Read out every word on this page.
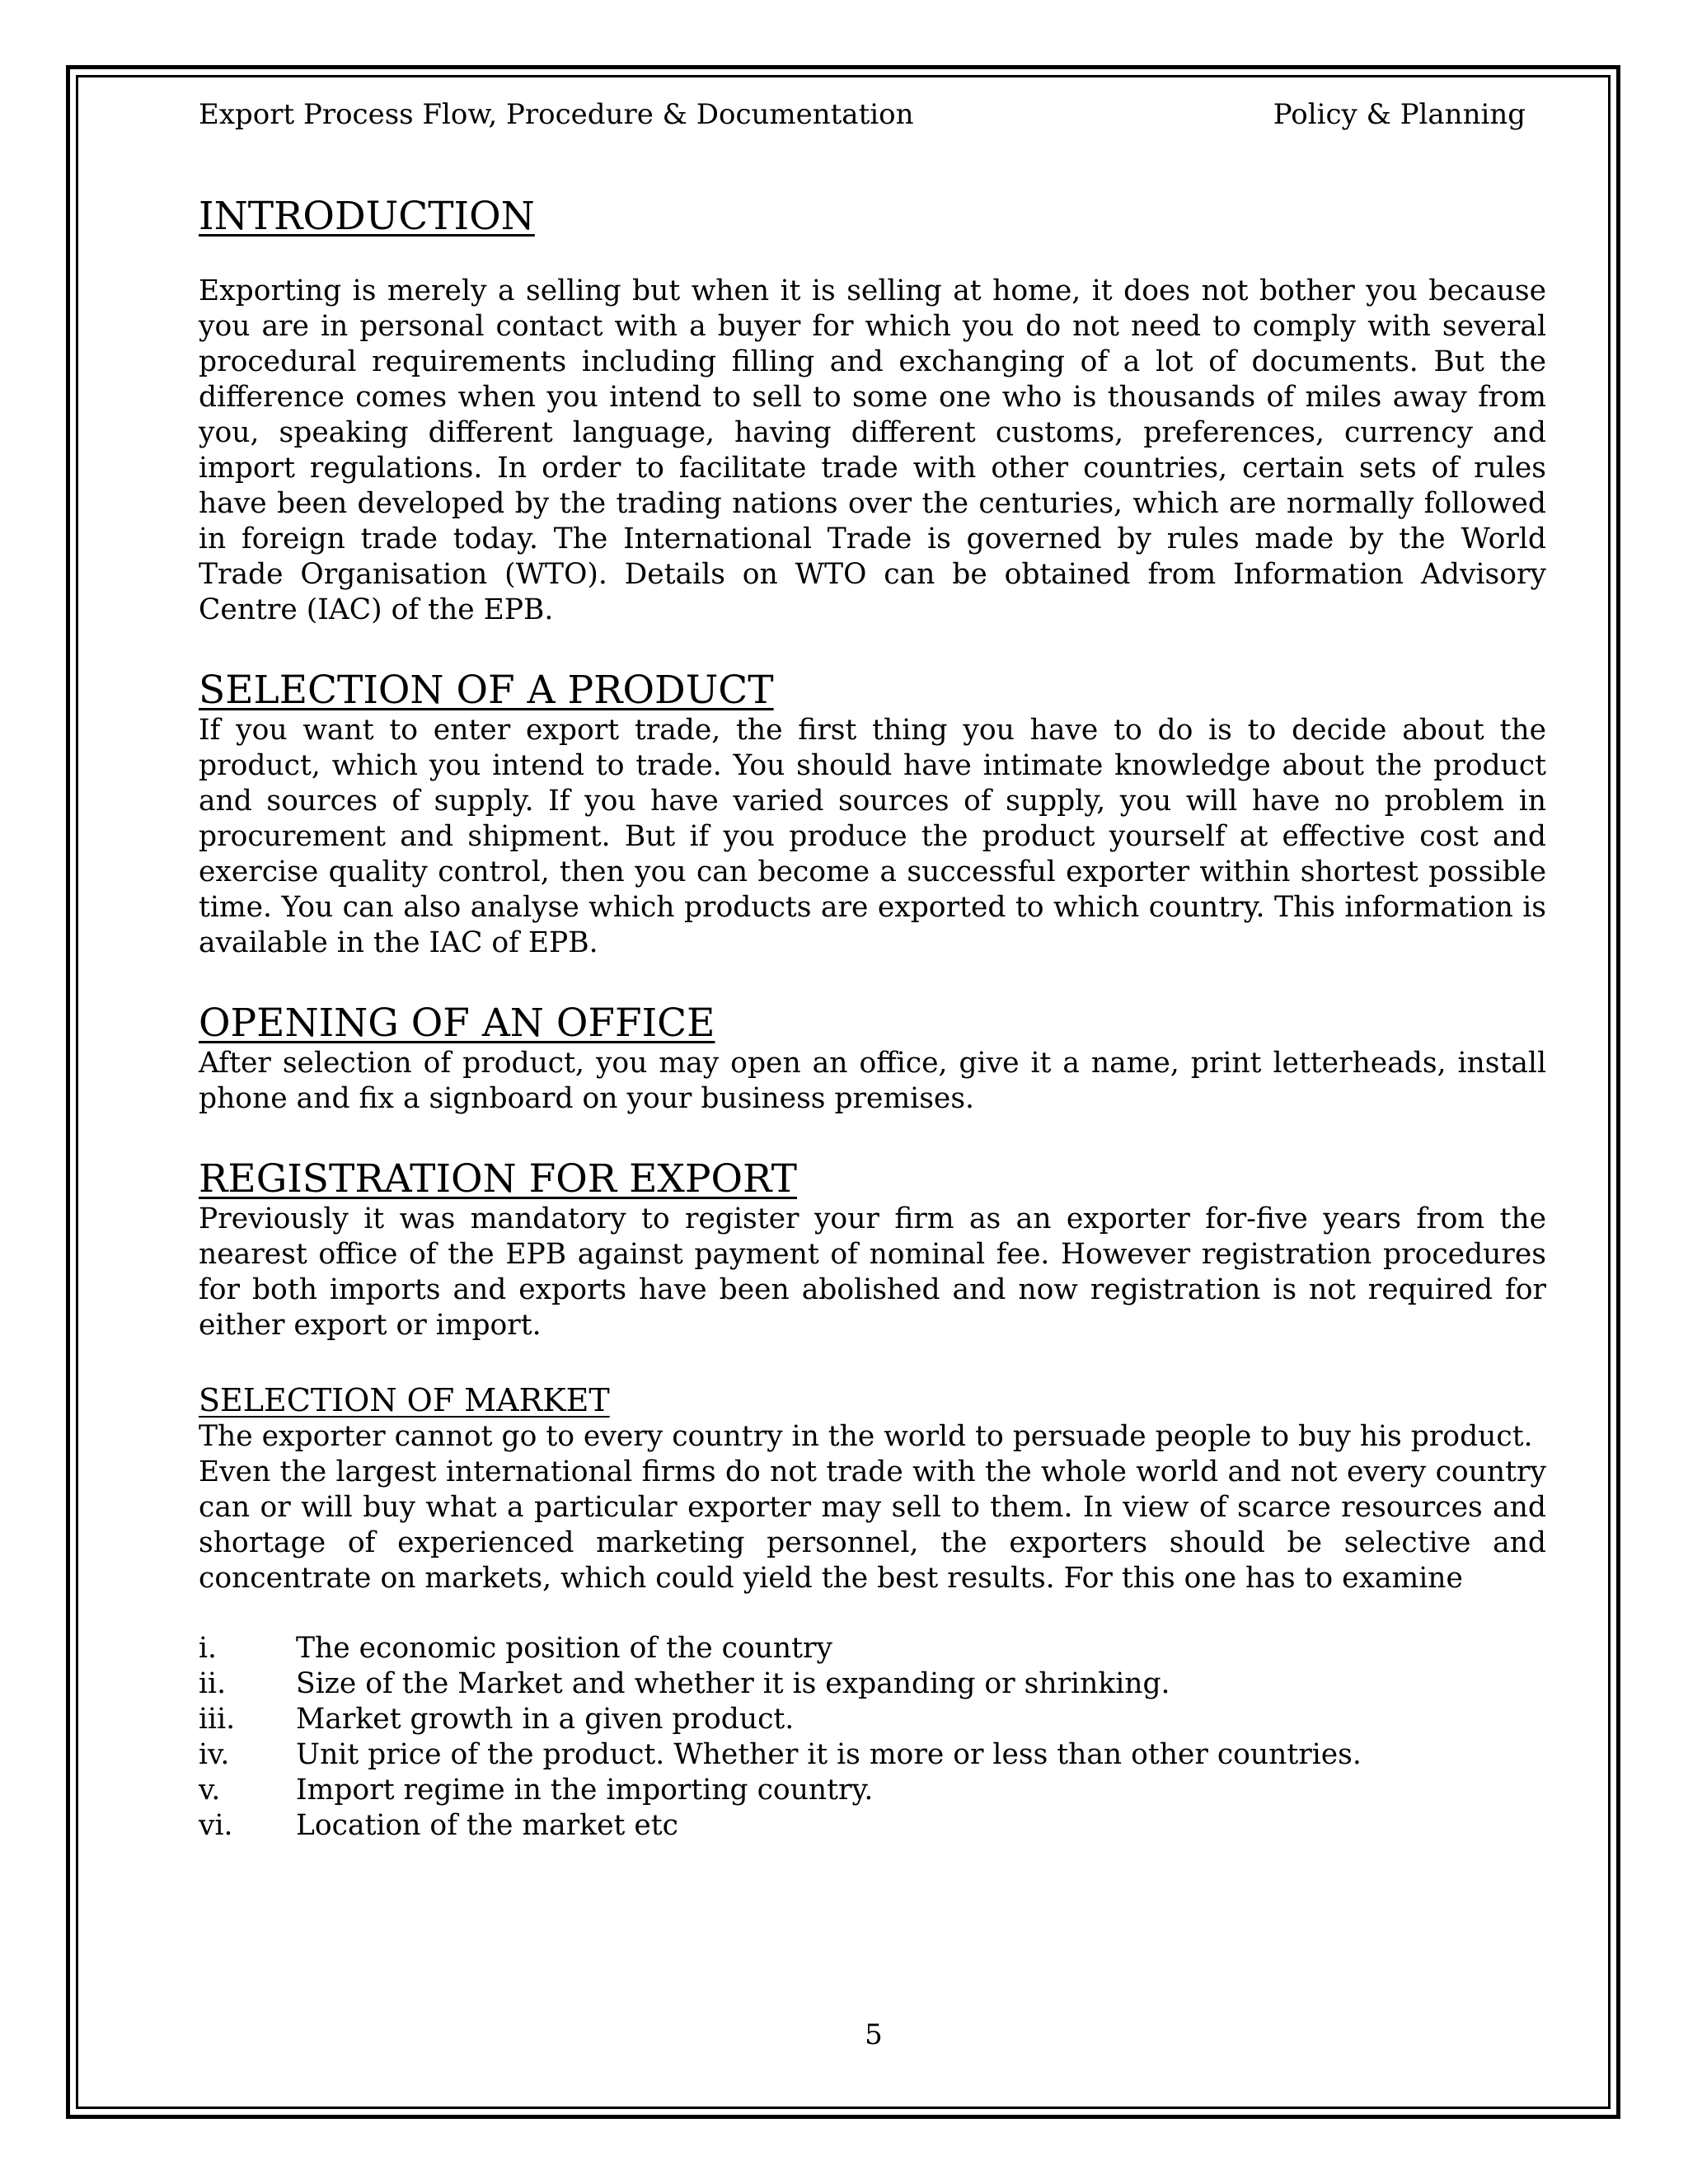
Export Process Flow, Procedure & Documentation	Policy & Planning
INTRODUCTION

Exporting is merely a selling but when it is selling at home, it does not bother you because you are in personal contact with a buyer for which you do not need to comply with several procedural requirements including filling and exchanging of a lot of documents. But the difference comes when you intend to sell to some one who is thousands of miles away from you, speaking different language, having different customs, preferences, currency and import regulations. In order to facilitate trade with other countries, certain sets of rules have been developed by the trading nations over the centuries, which are normally followed in foreign trade today. The International Trade is governed by rules made by the World Trade Organisation (WTO). Details on WTO can be obtained from Information Advisory Centre (IAC) of the EPB.

SELECTION OF A PRODUCT

If you want to enter export trade, the first thing you have to do is to decide about the product, which you intend to trade. You should have intimate knowledge about the product and sources of supply. If you have varied sources of supply, you will have no problem in procurement and shipment. But if you produce the product yourself at effective cost and exercise quality control, then you can become a successful exporter within shortest possible time. You can also analyse which products are exported to which country. This information is available in the IAC of EPB.

OPENING OF AN OFFICE

After selection of product, you may open an office, give it a name, print letterheads, install phone and fix a signboard on your business premises.

REGISTRATION FOR EXPORT

Previously it was mandatory to register your firm as an exporter for-five years from the nearest office of the EPB against payment of nominal fee. However registration procedures for both imports and exports have been abolished and now registration is not required for either export or import.

SELECTION OF MARKET

The exporter cannot go to every country in the world to persuade people to buy his product.

Even the largest international firms do not trade with the whole world and not every country can or will buy what a particular exporter may sell to them. In view of scarce resources and shortage of experienced marketing personnel, the exporters should be selective and concentrate on markets, which could yield the best results. For this one has to examine

i.	The economic position of the country
ii.	Size of the Market and whether it is expanding or shrinking.
iii.	Market growth in a given product.
iv.	Unit price of the product. Whether it is more or less than other countries.
v.	Import regime in the importing country.
vi.	Location of the market etc
5
